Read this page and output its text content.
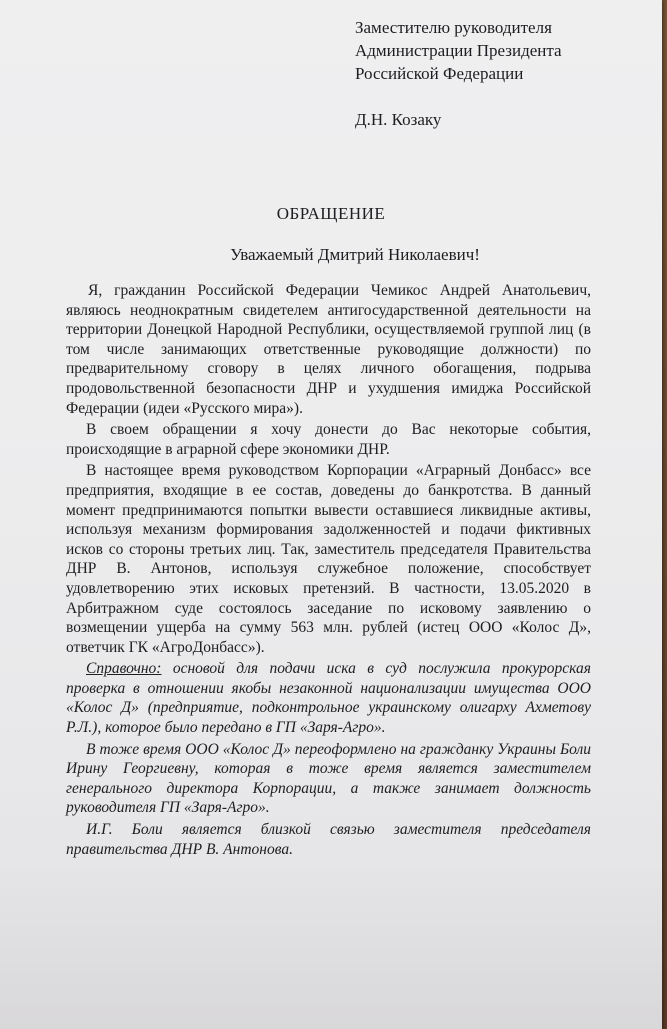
Заместителю руководителя
Администрации Президента
Российской Федерации
Д.Н. Козаку
ОБРАЩЕНИЕ
Уважаемый Дмитрий Николаевич!

Я, гражданин Российской Федерации Чемикос Андрей Анатольевич, являюсь неоднократным свидетелем антигосударственной деятельности на территории Донецкой Народной Республики, осуществляемой группой лиц (в том числе занимающих ответственные руководящие должности) по предварительному сговору в целях личного обогащения, подрыва продовольственной безопасности ДНР и ухудшения имиджа Российской Федерации (идеи «Русского мира»).

В своем обращении я хочу донести до Вас некоторые события, происходящие в аграрной сфере экономики ДНР.

В настоящее время руководством Корпорации «Аграрный Донбасс» все предприятия, входящие в ее состав, доведены до банкротства. В данный момент предпринимаются попытки вывести оставшиеся ликвидные активы, используя механизм формирования задолженностей и подачи фиктивных исков со стороны третьих лиц. Так, заместитель председателя Правительства ДНР В. Антонов, используя служебное положение, способствует удовлетворению этих исковых претензий. В частности, 13.05.2020 в Арбитражном суде состоялось заседание по исковому заявлению о возмещении ущерба на сумму 563 млн. рублей (истец ООО «Колос Д», ответчик ГК «АгроДонбасс»).

Справочно: основой для подачи иска в суд послужила прокурорская проверка в отношении якобы незаконной национализации имущества ООО «Колос Д» (предприятие, подконтрольное украинскому олигарху Ахметову Р.Л.), которое было передано в ГП «Заря-Агро».

В тоже время ООО «Колос Д» переоформлено на гражданку Украины Боли Ирину Георгиевну, которая в тоже время является заместителем генерального директора Корпорации, а также занимает должность руководителя ГП «Заря-Агро».

И.Г. Боли является близкой связью заместителя председателя правительства ДНР В. Антонова.
